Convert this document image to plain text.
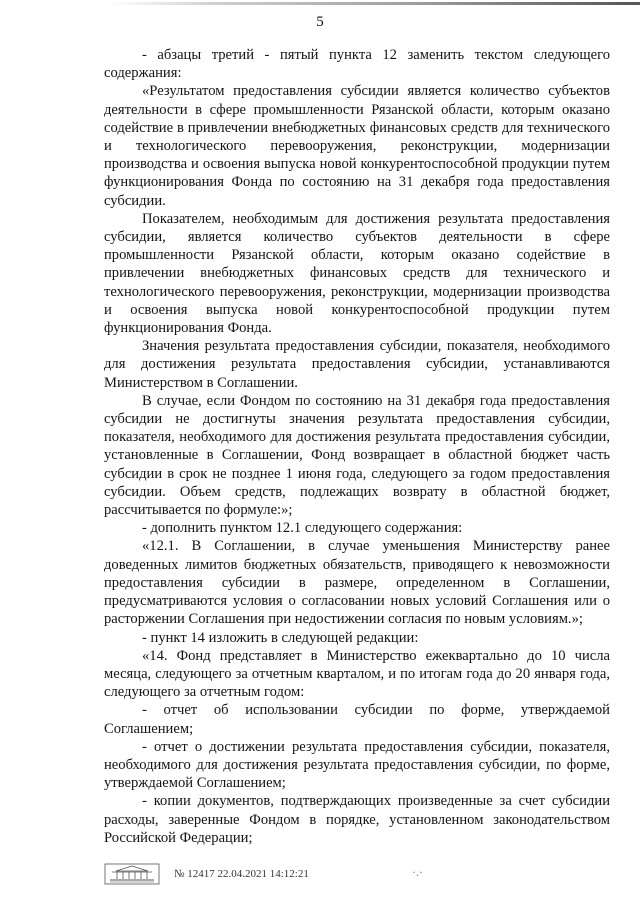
5

- абзацы третий - пятый пункта 12 заменить текстом следующего содержания:

«Результатом предоставления субсидии является количество субъектов деятельности в сфере промышленности Рязанской области, которым оказано содействие в привлечении внебюджетных финансовых средств для технического и технологического перевооружения, реконструкции, модернизации производства и освоения выпуска новой конкурентоспособной продукции путем функционирования Фонда по состоянию на 31 декабря года предоставления субсидии.

Показателем, необходимым для достижения результата предоставления субсидии, является количество субъектов деятельности в сфере промышленности Рязанской области, которым оказано содействие в привлечении внебюджетных финансовых средств для технического и технологического перевооружения, реконструкции, модернизации производства и освоения выпуска новой конкурентоспособной продукции путем функционирования Фонда.

Значения результата предоставления субсидии, показателя, необходимого для достижения результата предоставления субсидии, устанавливаются Министерством в Соглашении.

В случае, если Фондом по состоянию на 31 декабря года предоставления субсидии не достигнуты значения результата предоставления субсидии, показателя, необходимого для достижения результата предоставления субсидии, установленные в Соглашении, Фонд возвращает в областной бюджет часть субсидии в срок не позднее 1 июня года, следующего за годом предоставления субсидии. Объем средств, подлежащих возврату в областной бюджет, рассчитывается по формуле:»;

- дополнить пунктом 12.1 следующего содержания:

«12.1. В Соглашении, в случае уменьшения Министерству ранее доведенных лимитов бюджетных обязательств, приводящего к невозможности предоставления субсидии в размере, определенном в Соглашении, предусматриваются условия о согласовании новых условий Соглашения или о расторжении Соглашения при недостижении согласия по новым условиям.»;

- пункт 14 изложить в следующей редакции:

«14. Фонд представляет в Министерство ежеквартально до 10 числа месяца, следующего за отчетным кварталом, и по итогам года до 20 января года, следующего за отчетным годом:

- отчет об использовании субсидии по форме, утверждаемой Соглашением;

- отчет о достижении результата предоставления субсидии, показателя, необходимого для достижения результата предоставления субсидии, по форме, утверждаемой Соглашением;

- копии документов, подтверждающих произведенные за счет субсидии расходы, заверенные Фондом в порядке, установленном законодательством Российской Федерации;

№ 12417 22.04.2021 14:12:21	·.·
